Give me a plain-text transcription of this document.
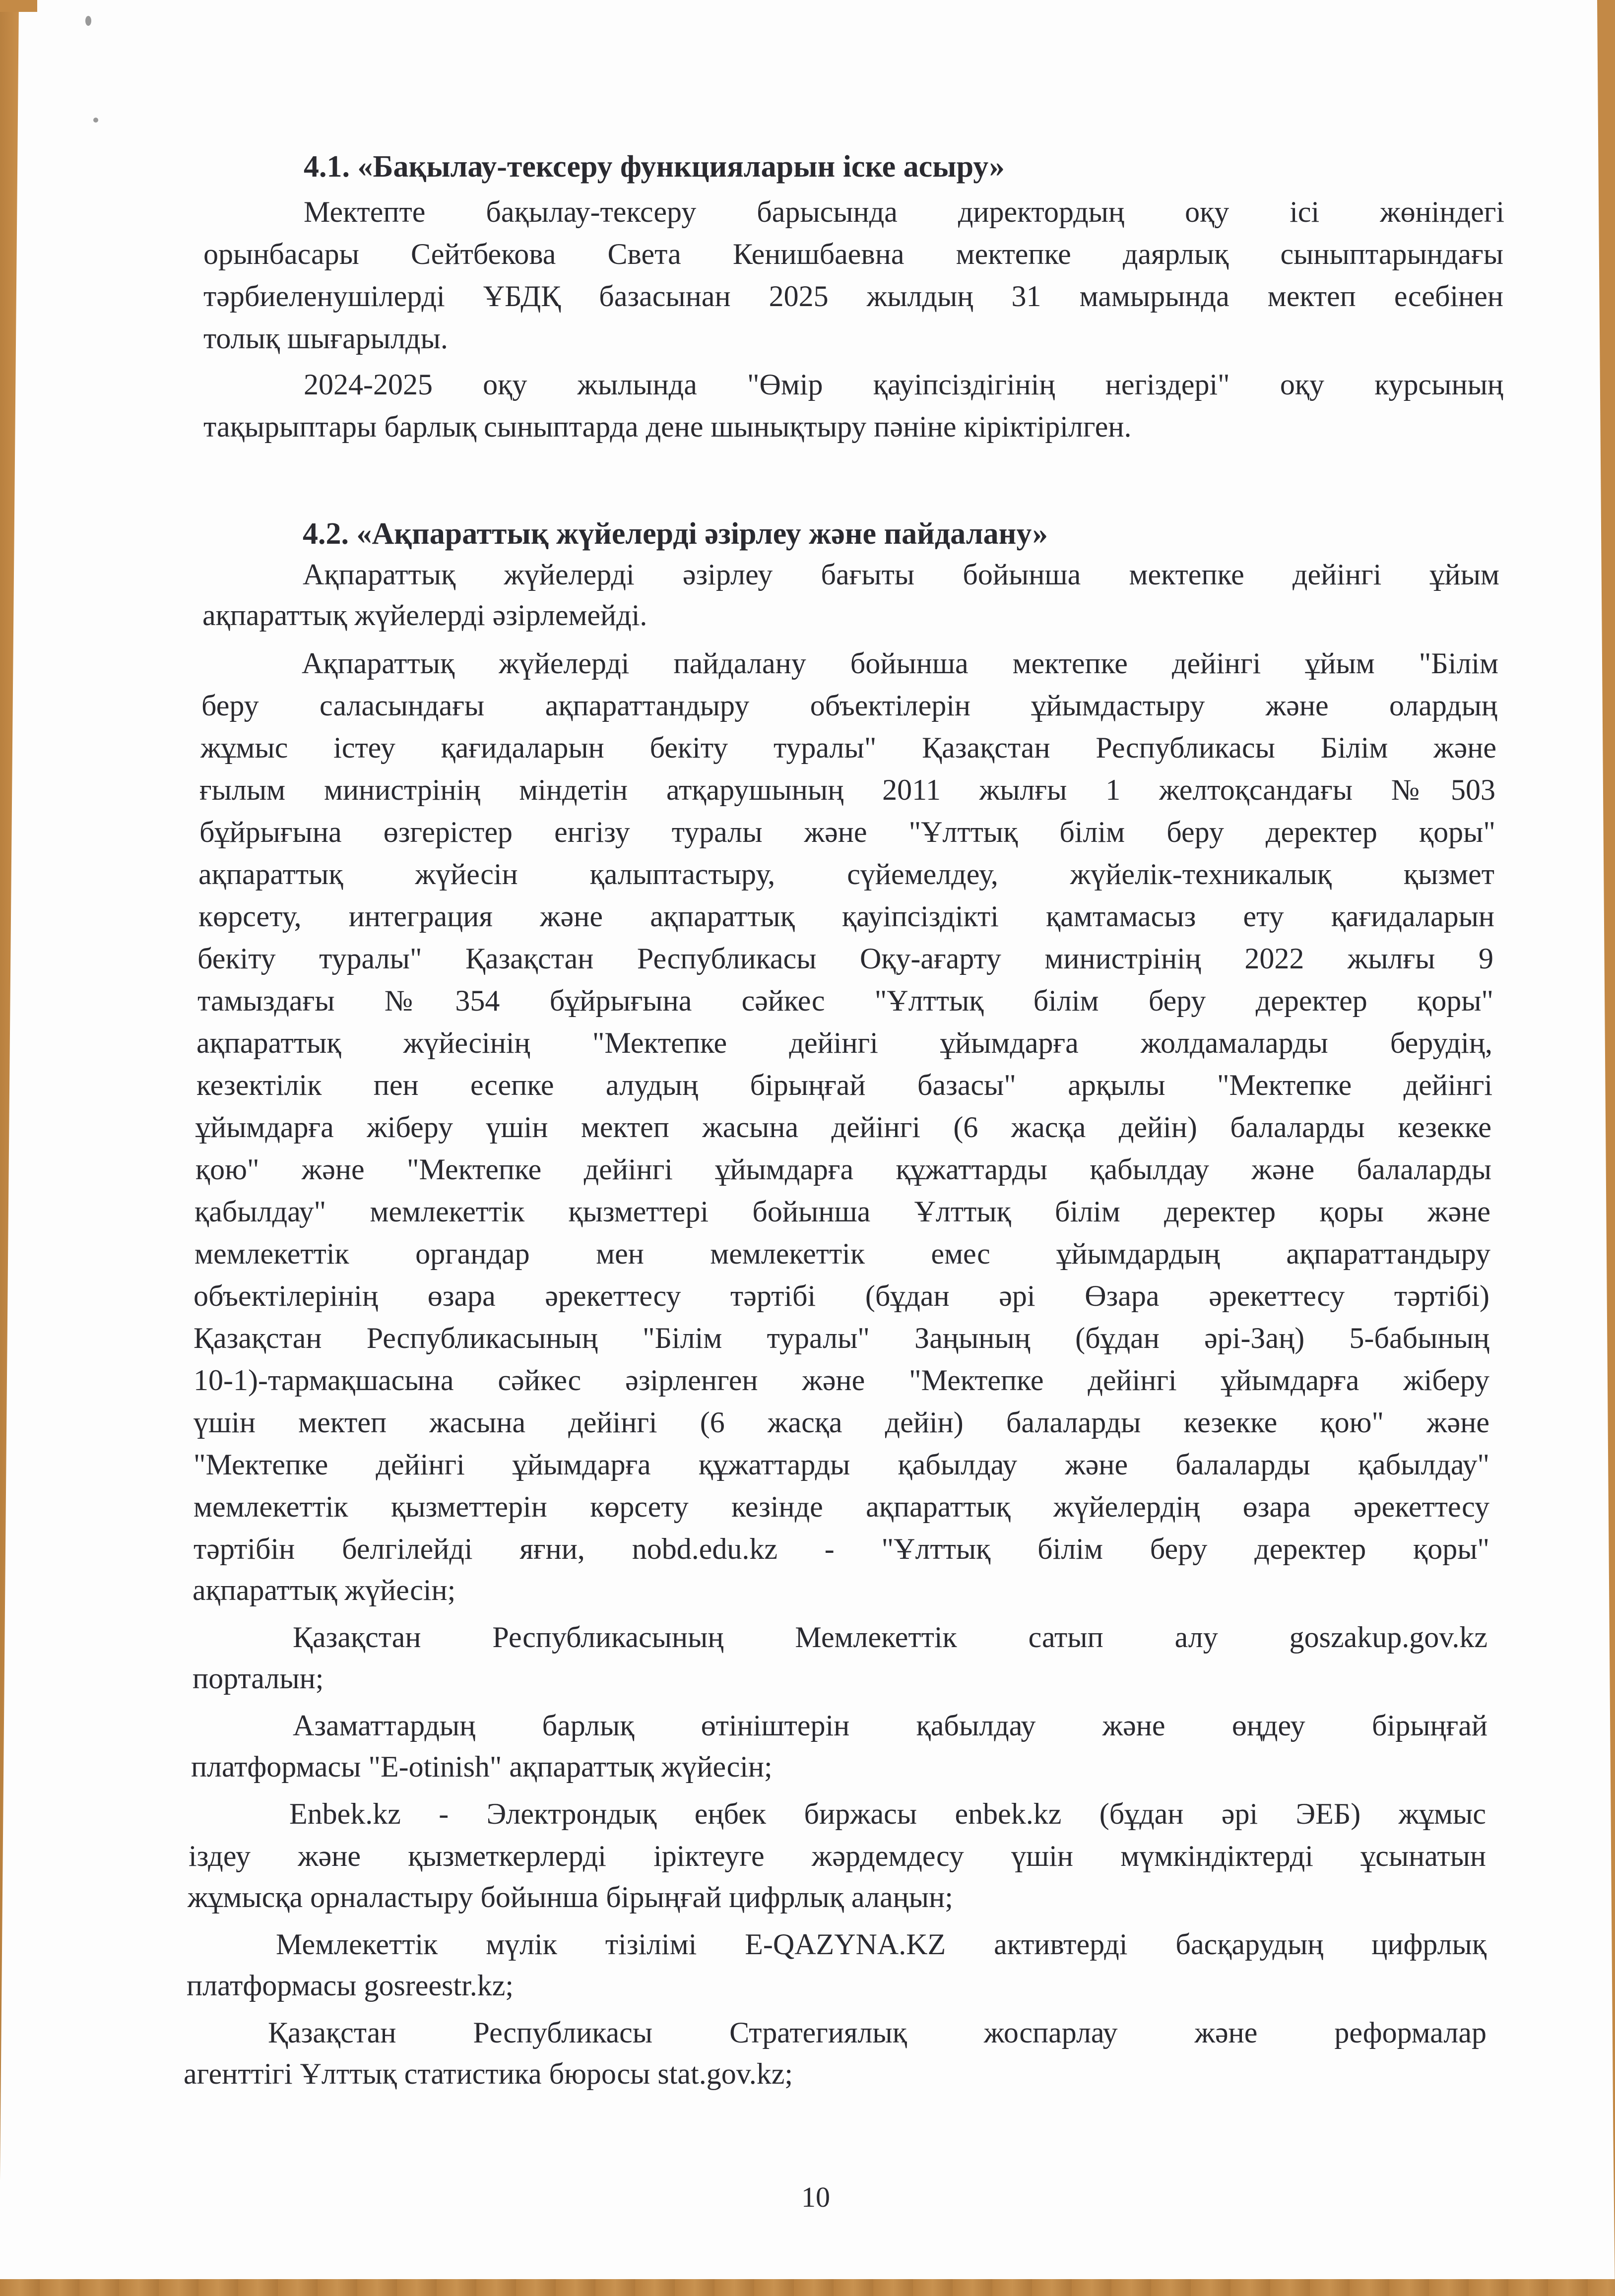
4.1. «Бақылау-тексеру функцияларын іске асыру»
Мектепте бақылау-тексеру барысында директордың оқу ісі жөніндегі
орынбасары Сейтбекова Света Кенишбаевна мектепке даярлық сыныптарындағы
тәрбиеленушілерді ҰБДҚ базасынан 2025 жылдың 31 мамырында мектеп есебінен
толық шығарылды.
2024-2025 оқу жылында "Өмір қауіпсіздігінің негіздері" оқу курсының
тақырыптары барлық сыныптарда дене шынықтыру пәніне кіріктірілген.
4.2. «Ақпараттық жүйелерді әзірлеу және пайдалану»
Ақпараттық жүйелерді әзірлеу бағыты бойынша мектепке дейінгі ұйым
ақпараттық жүйелерді әзірлемейді.
Ақпараттық жүйелерді пайдалану бойынша мектепке дейінгі ұйым "Білім
беру саласындағы ақпараттандыру объектілерін ұйымдастыру және олардың
жұмыс істеу қағидаларын бекіту туралы" Қазақстан Республикасы Білім және
ғылым министрінің міндетін атқарушының 2011 жылғы 1 желтоқсандағы №503
бұйрығына өзгерістер енгізу туралы және "Ұлттық білім беру деректер қоры"
ақпараттық жүйесін қалыптастыру, сүйемелдеу, жүйелік-техникалық қызмет
көрсету, интеграция және ақпараттық қауіпсіздікті қамтамасыз ету қағидаларын
бекіту туралы" Қазақстан Республикасы Оқу-ағарту министрінің 2022 жылғы 9
тамыздағы №354 бұйрығына сәйкес "Ұлттық білім беру деректер қоры"
ақпараттық жүйесінің "Мектепке дейінгі ұйымдарға жолдамаларды берудің,
кезектілік пен есепке алудың бірыңғай базасы" арқылы "Мектепке дейінгі
ұйымдарға жіберу үшін мектеп жасына дейінгі (6 жасқа дейін) балаларды кезекке
қою" және "Мектепке дейінгі ұйымдарға құжаттарды қабылдау және балаларды
қабылдау" мемлекеттік қызметтері бойынша Ұлттық білім деректер қоры және
мемлекеттік органдар мен мемлекеттік емес ұйымдардың ақпараттандыру
объектілерінің өзара әрекеттесу тәртібі (бұдан әрі Өзара әрекеттесу тәртібі)
Қазақстан Республикасының "Білім туралы" Заңының (бұдан әрі-Заң) 5-бабының
10-1)-тармақшасына сәйкес әзірленген және "Мектепке дейінгі ұйымдарға жіберу
үшін мектеп жасына дейінгі (6 жасқа дейін) балаларды кезекке қою" және
"Мектепке дейінгі ұйымдарға құжаттарды қабылдау және балаларды қабылдау"
мемлекеттік қызметтерін көрсету кезінде ақпараттық жүйелердің өзара әрекеттесу
тәртібін белгілейді яғни, nobd.edu.kz - "Ұлттық білім беру деректер қоры"
ақпараттық жүйесін;
Қазақстан Республикасының Мемлекеттік сатып алу goszakup.gov.kz
порталын;
Азаматтардың барлық өтініштерін қабылдау және өңдеу бірыңғай
платформасы "E-otinish" ақпараттық жүйесін;
Enbek.kz - Электрондық еңбек биржасы enbek.kz (бұдан әрі ЭЕБ) жұмыс
іздеу және қызметкерлерді іріктеуге жәрдемдесу үшін мүмкіндіктерді ұсынатын
жұмысқа орналастыру бойынша бірыңғай цифрлық алаңын;
Мемлекеттік мүлік тізілімі E-QAZYNA.KZ активтерді басқарудың цифрлық
платформасы gosreestr.kz;
Қазақстан Республикасы Стратегиялық жоспарлау және реформалар
агенттігі Ұлттық статистика бюросы stat.gov.kz;
10
